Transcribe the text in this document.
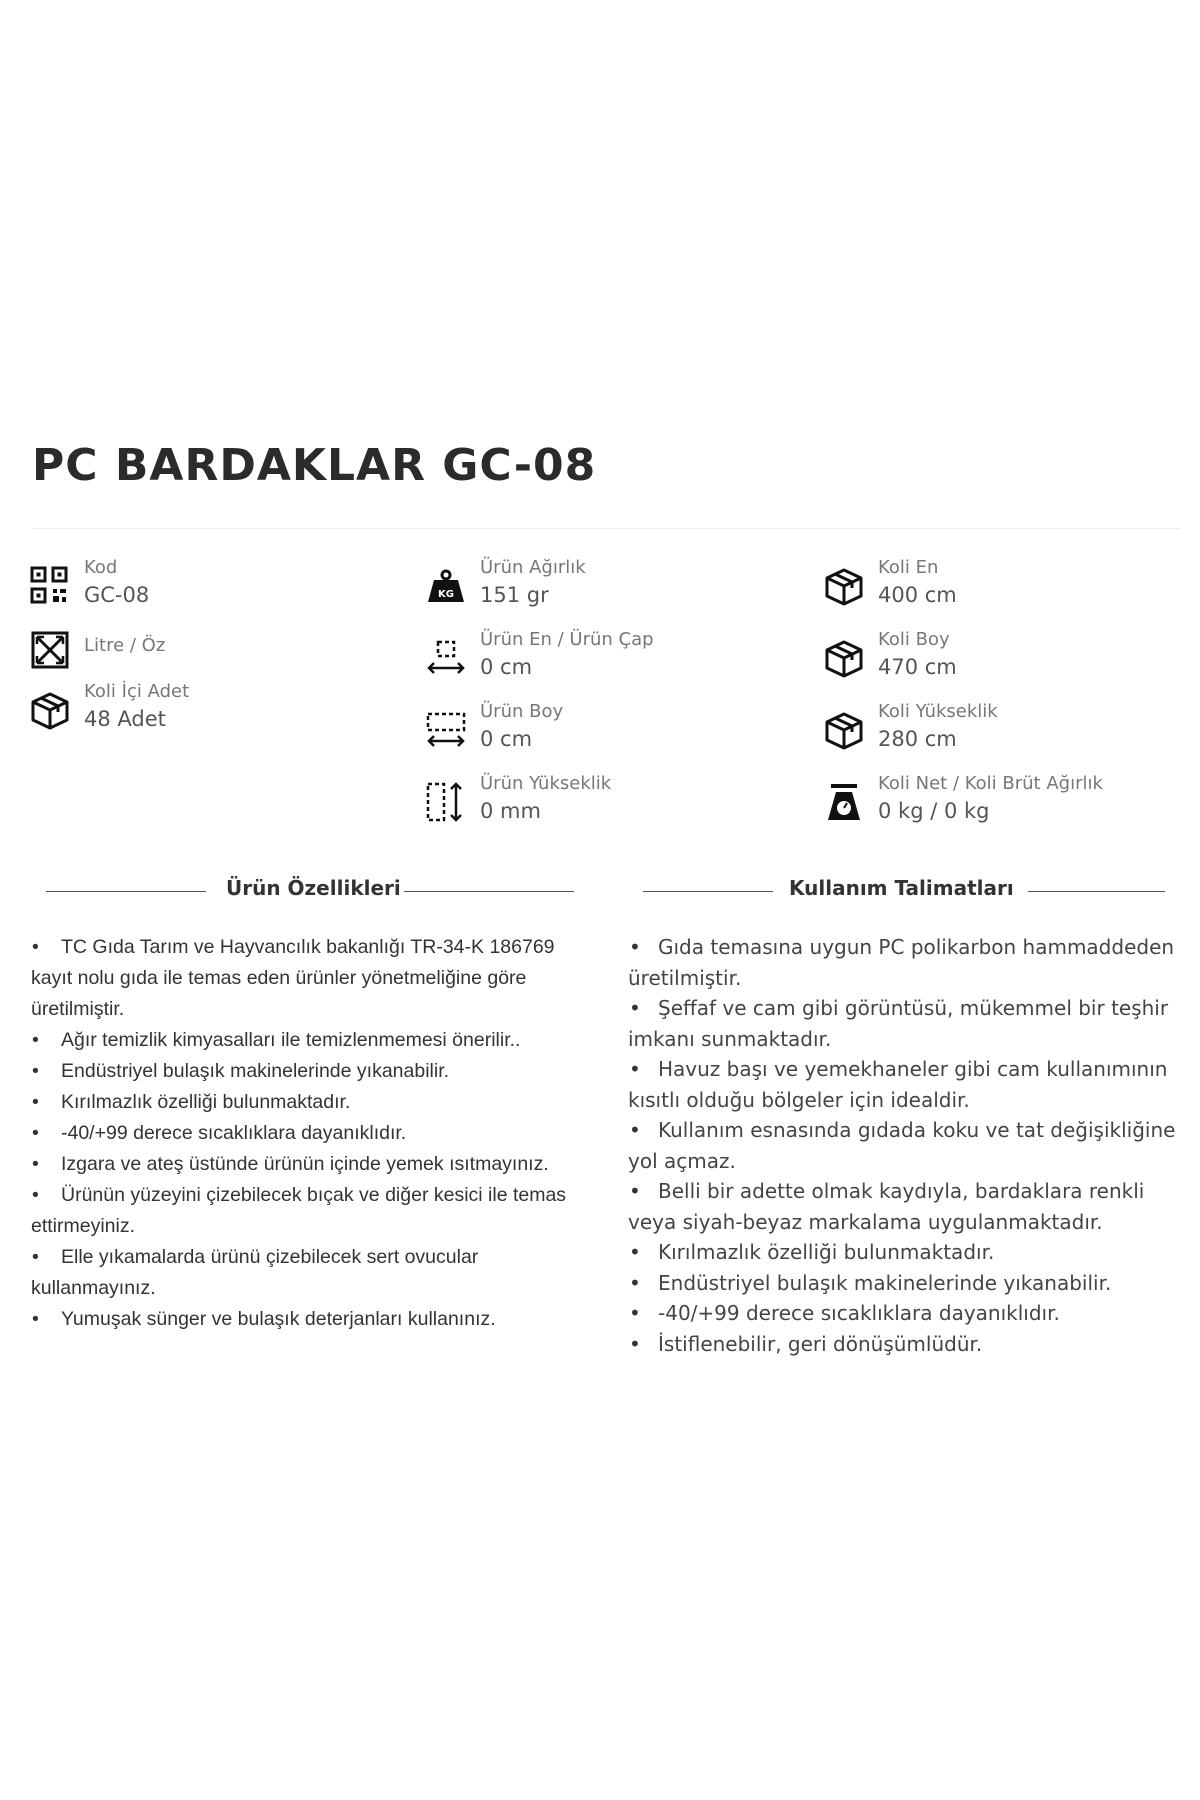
PC BARDAKLAR GC-08
Kod
GC-08
Litre / Öz
Koli İçi Adet
48 Adet
KG
Ürün Ağırlık
151 gr
Ürün En / Ürün Çap
0 cm
Ürün Boy
0 cm
Ürün Yükseklik
0 mm
Koli En
400 cm
Koli Boy
470 cm
Koli Yükseklik
280 cm
Koli Net / Koli Brüt Ağırlık
0 kg / 0 kg
Ürün Özellikleri	Kullanım Talimatları
• TC Gıda Tarım ve Hayvancılık bakanlığı TR-34-K 186769 kayıt nolu gıda ile temas eden ürünler yönetmeliğine göre üretilmiştir.
• Ağır temizlik kimyasalları ile temizlenmemesi önerilir..
• Endüstriyel bulaşık makinelerinde yıkanabilir.
• Kırılmazlık özelliği bulunmaktadır.
• -40/+99 derece sıcaklıklara dayanıklıdır.
• Izgara ve ateş üstünde ürünün içinde yemek ısıtmayınız.
• Ürünün yüzeyini çizebilecek bıçak ve diğer kesici ile temas ettirmeyiniz.
• Elle yıkamalarda ürünü çizebilecek sert ovucular kullanmayınız.
• Yumuşak sünger ve bulaşık deterjanları kullanınız.
• Gıda temasına uygun PC polikarbon hammaddeden üretilmiştir.
• Şeffaf ve cam gibi görüntüsü, mükemmel bir teşhir imkanı sunmaktadır.
• Havuz başı ve yemekhaneler gibi cam kullanımının kısıtlı olduğu bölgeler için idealdir.
• Kullanım esnasında gıdada koku ve tat değişikliğine yol açmaz.
• Belli bir adette olmak kaydıyla, bardaklara renkli veya siyah-beyaz markalama uygulanmaktadır.
• Kırılmazlık özelliği bulunmaktadır.
• Endüstriyel bulaşık makinelerinde yıkanabilir.
• -40/+99 derece sıcaklıklara dayanıklıdır.
• İstiflenebilir, geri dönüşümlüdür.
